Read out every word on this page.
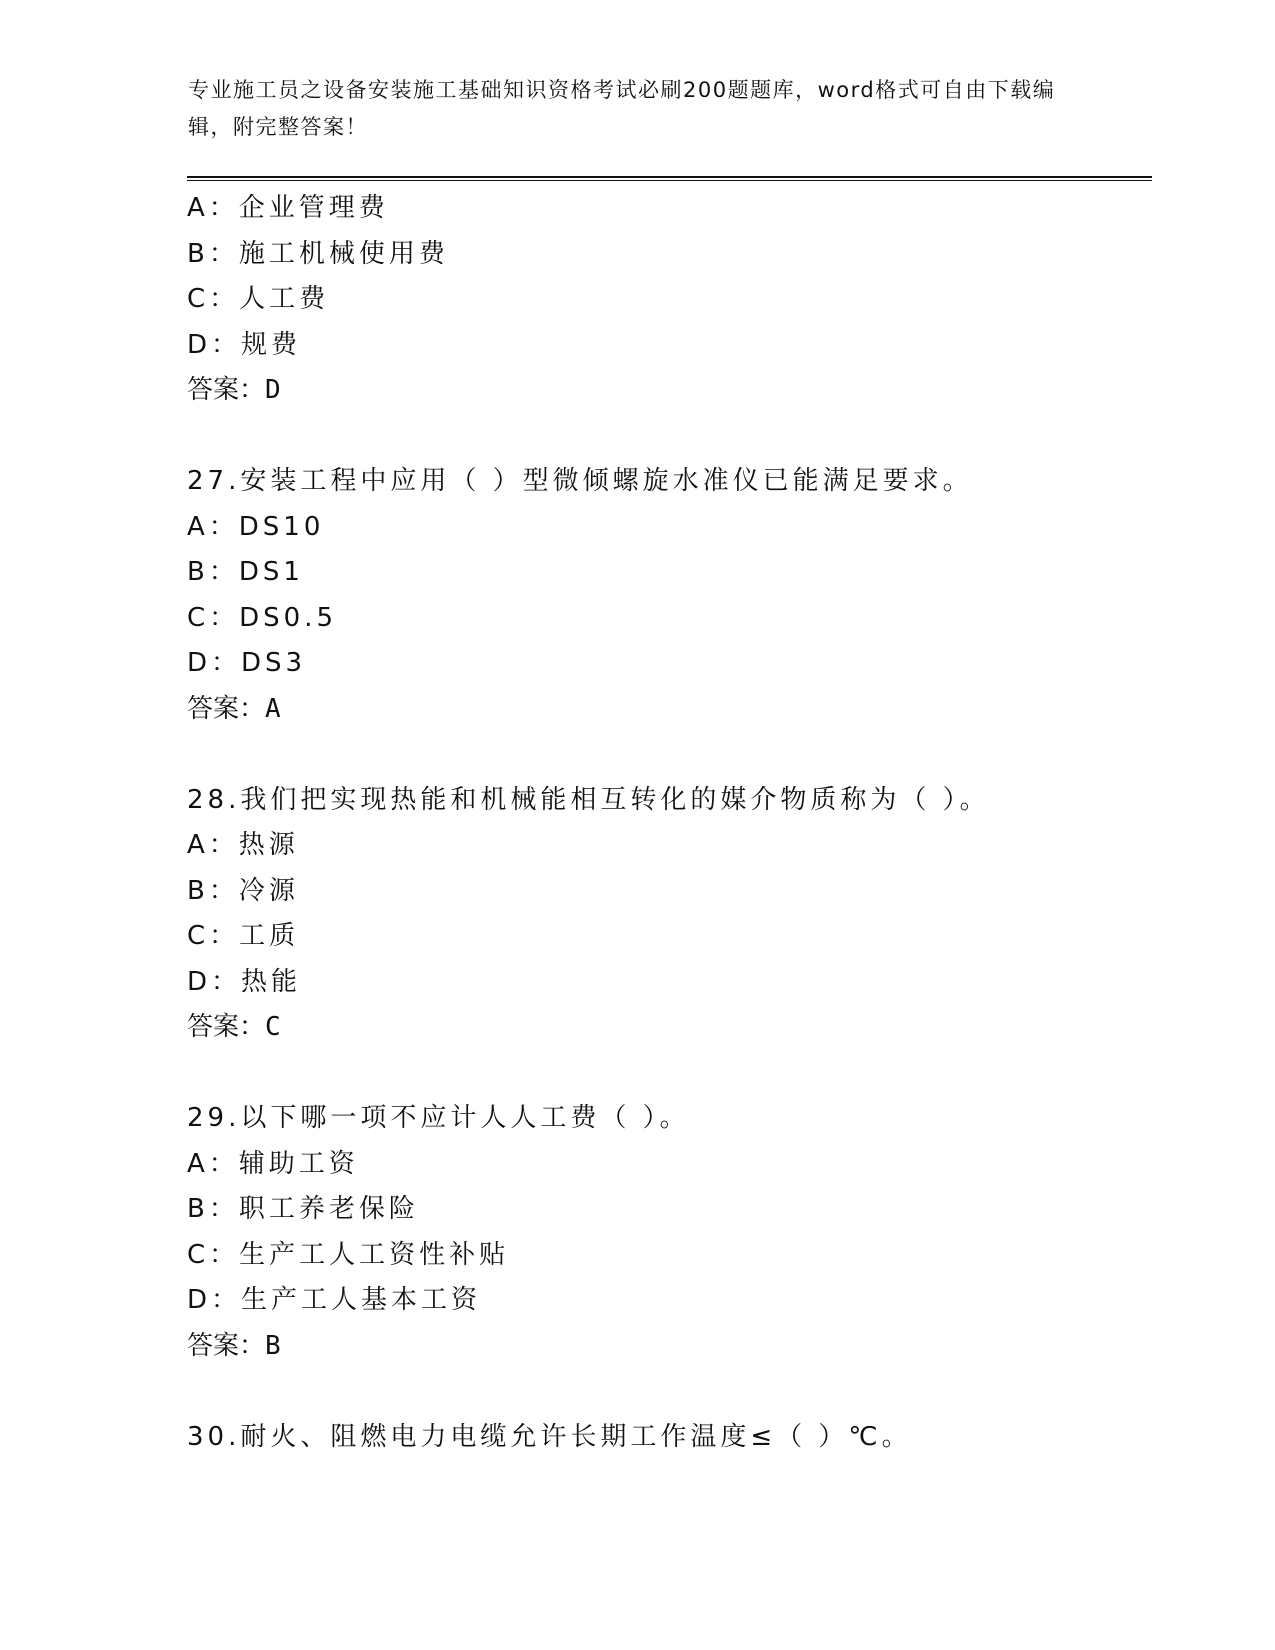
专业施工员之设备安装施工基础知识资格考试必刷200题题库，word格式可自由下载编辑，附完整答案！

A：企业管理费

B：施工机械使用费

C：人工费

D：规费

答案：D

27.安装工程中应用（ ）型微倾螺旋水准仪已能满足要求。

A：DS10

B：DS1

C：DS0.5

D：DS3

答案：A

28.我们把实现热能和机械能相互转化的媒介物质称为（ ）。

A：热源

B：冷源

C：工质

D：热能

答案：C

29.以下哪一项不应计人人工费（ ）。

A：辅助工资

B：职工养老保险

C：生产工人工资性补贴

D：生产工人基本工资

答案：B

30.耐火、阻燃电力电缆允许长期工作温度≤（ ）℃。
